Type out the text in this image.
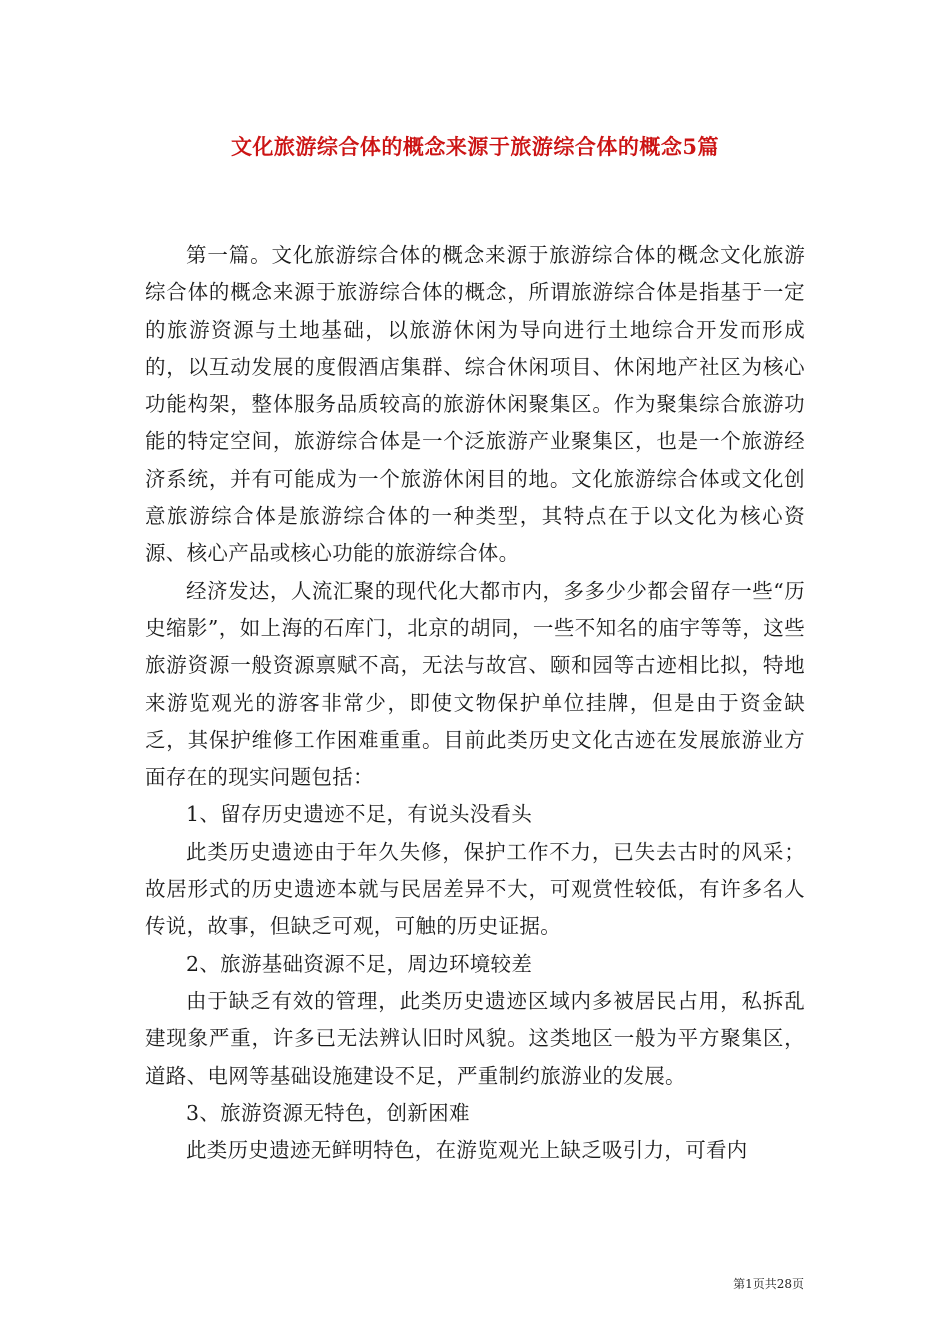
文化旅游综合体的概念来源于旅游综合体的概念5篇

第一篇。文化旅游综合体的概念来源于旅游综合体的概念文化旅游综合体的概念来源于旅游综合体的概念，所谓旅游综合体是指基于一定的旅游资源与土地基础，以旅游休闲为导向进行土地综合开发而形成的，以互动发展的度假酒店集群、综合休闲项目、休闲地产社区为核心功能构架，整体服务品质较高的旅游休闲聚集区。作为聚集综合旅游功能的特定空间，旅游综合体是一个泛旅游产业聚集区，也是一个旅游经济系统，并有可能成为一个旅游休闲目的地。文化旅游综合体或文化创意旅游综合体是旅游综合体的一种类型，其特点在于以文化为核心资源、核心产品或核心功能的旅游综合体。

经济发达，人流汇聚的现代化大都市内，多多少少都会留存一些“历史缩影”，如上海的石库门，北京的胡同，一些不知名的庙宇等等，这些旅游资源一般资源禀赋不高，无法与故宫、颐和园等古迹相比拟，特地来游览观光的游客非常少，即使文物保护单位挂牌，但是由于资金缺乏，其保护维修工作困难重重。目前此类历史文化古迹在发展旅游业方面存在的现实问题包括：

1、留存历史遗迹不足，有说头没看头

此类历史遗迹由于年久失修，保护工作不力，已失去古时的风采；故居形式的历史遗迹本就与民居差异不大，可观赏性较低，有许多名人传说，故事，但缺乏可观，可触的历史证据。

2、旅游基础资源不足，周边环境较差

由于缺乏有效的管理，此类历史遗迹区域内多被居民占用，私拆乱建现象严重，许多已无法辨认旧时风貌。这类地区一般为平方聚集区，道路、电网等基础设施建设不足，严重制约旅游业的发展。

3、旅游资源无特色，创新困难

此类历史遗迹无鲜明特色，在游览观光上缺乏吸引力，可看内

第1页共28页
